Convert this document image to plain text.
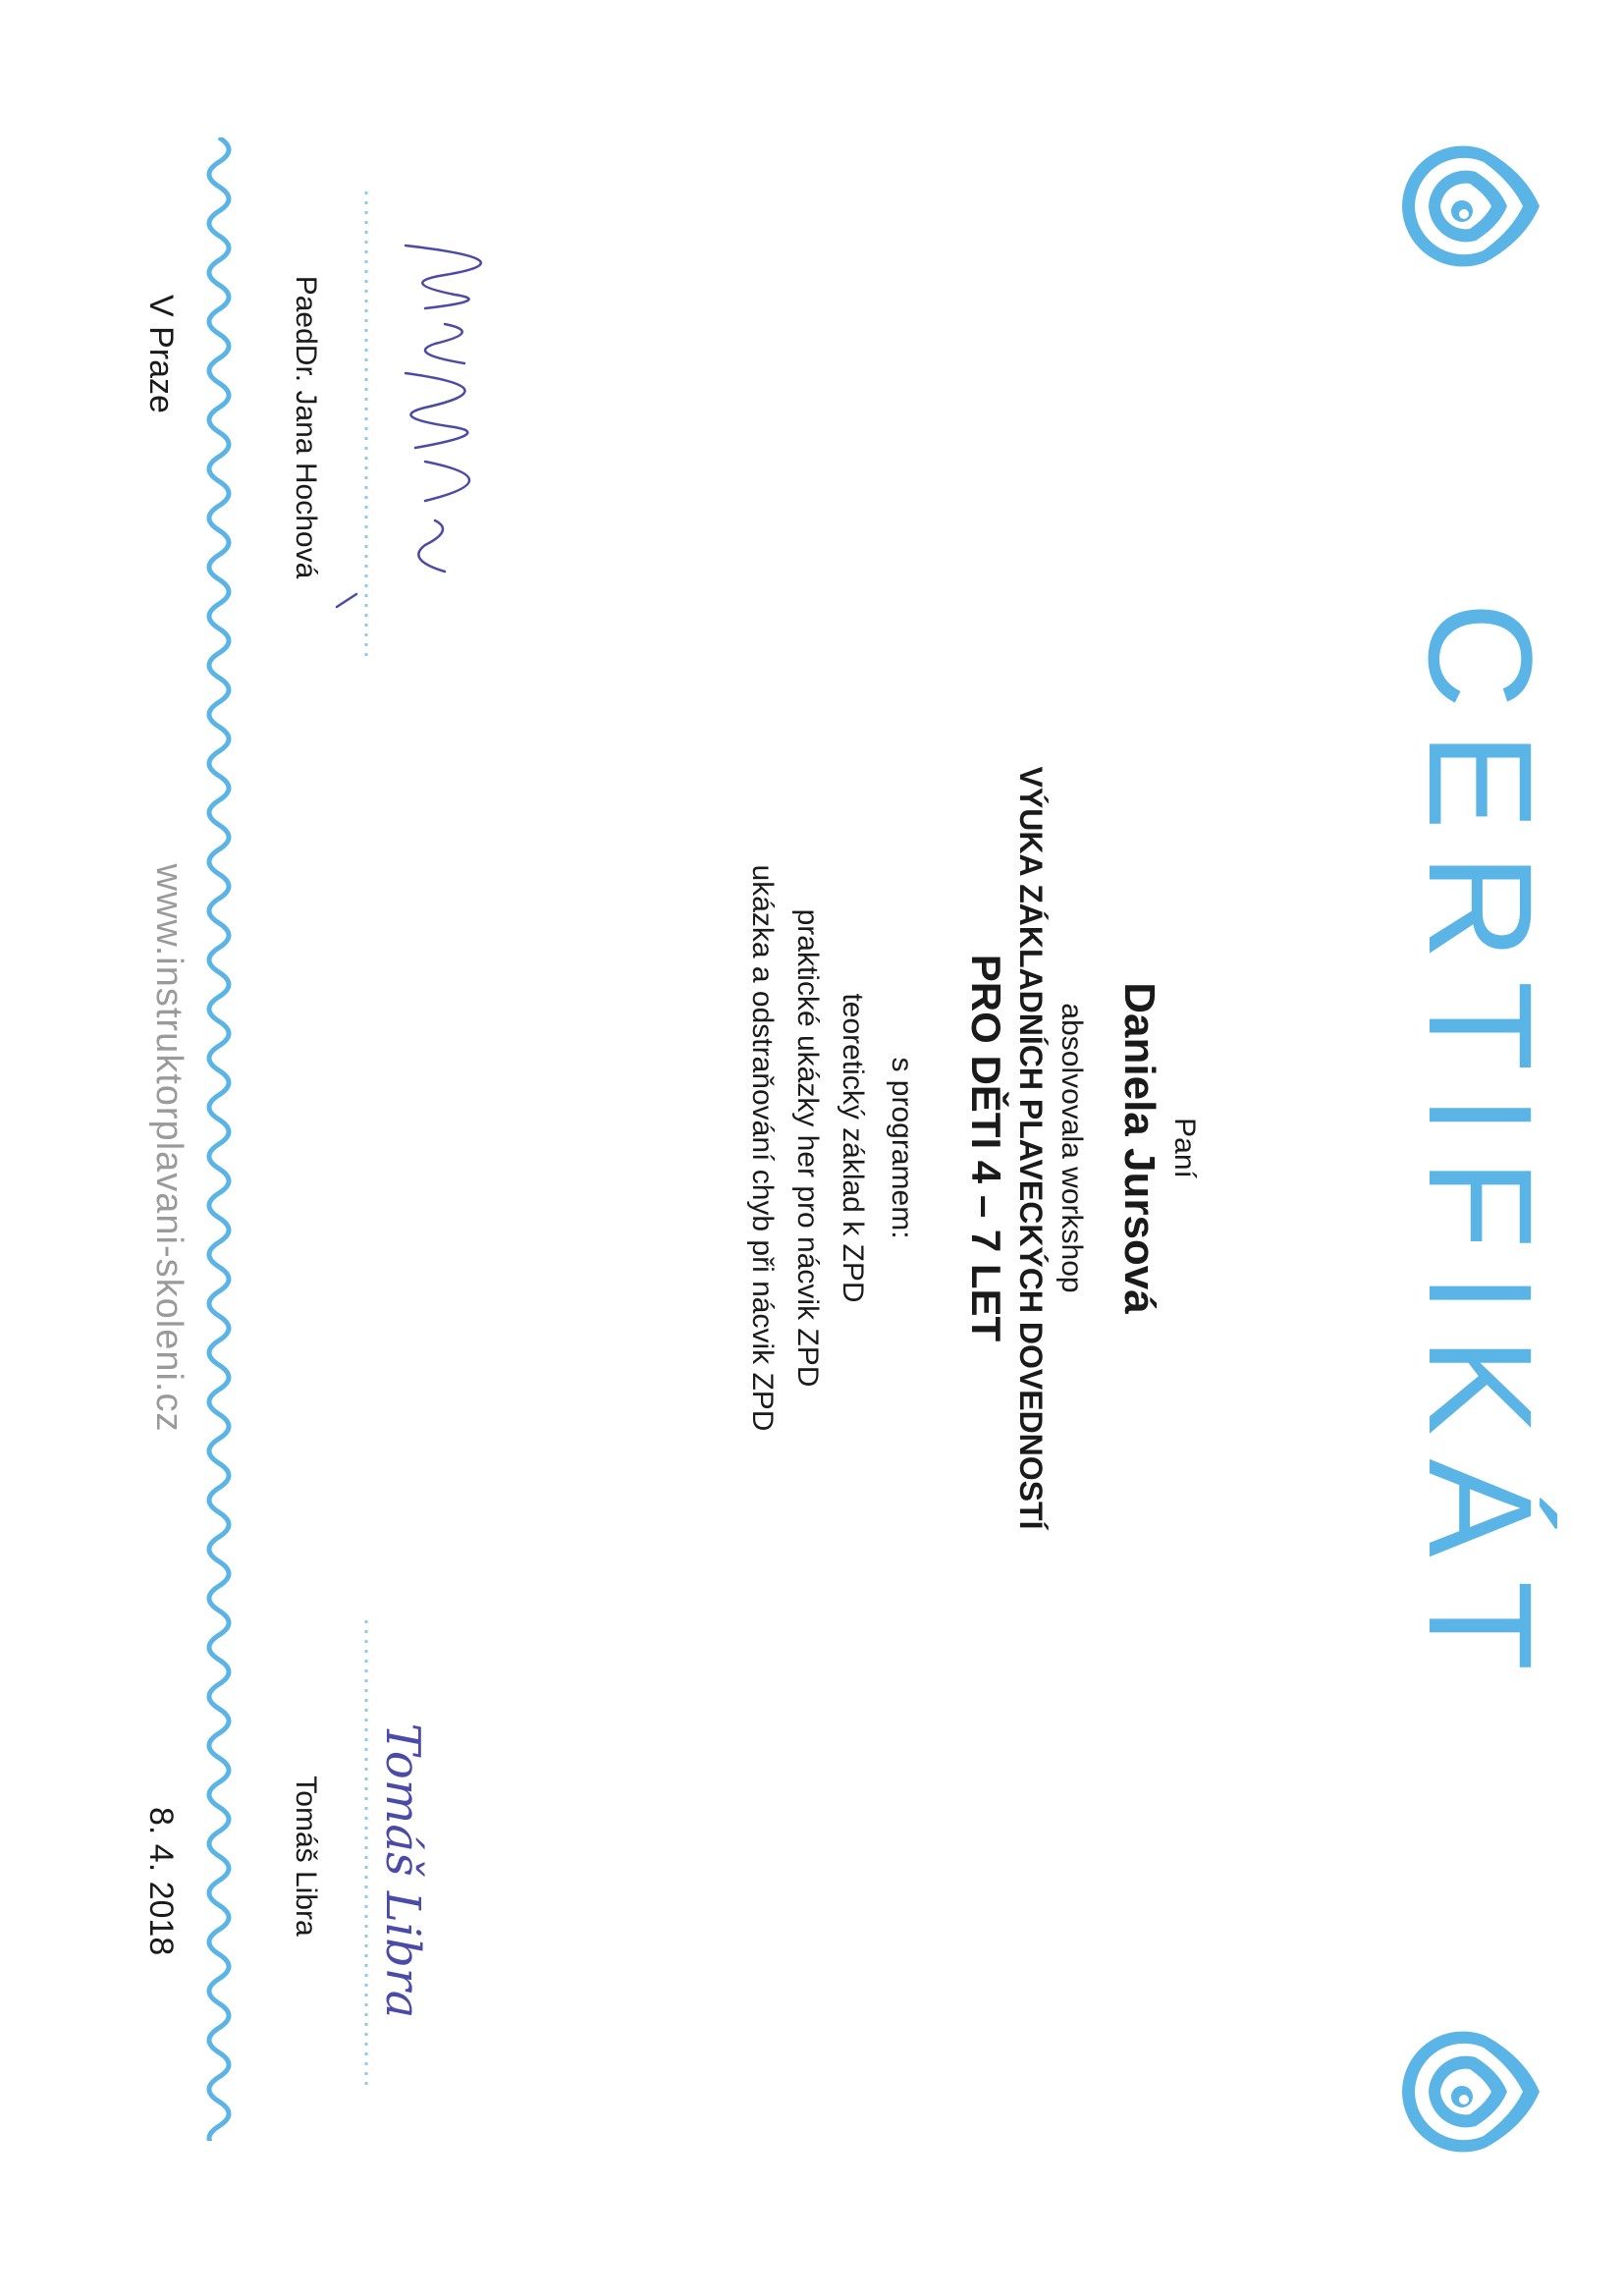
CERTIFIKÁT
Paní
Daniela Jursová
absolvovala workshop
VÝUKA ZÁKLADNÍCH PLAVECKÝCH DOVEDNOSTÍ
PRO DĚTI 4 – 7 LET
s programem:
teoretický základ k ZPD
praktické ukázky her pro nácvik ZPD
ukázka a odstraňování chyb při nácvik ZPD
PaedDr. Jana Hochová
Tomáš Libra
Tomáš Libra
V Praze
www.instruktorplavani-skoleni.cz
8. 4. 2018
